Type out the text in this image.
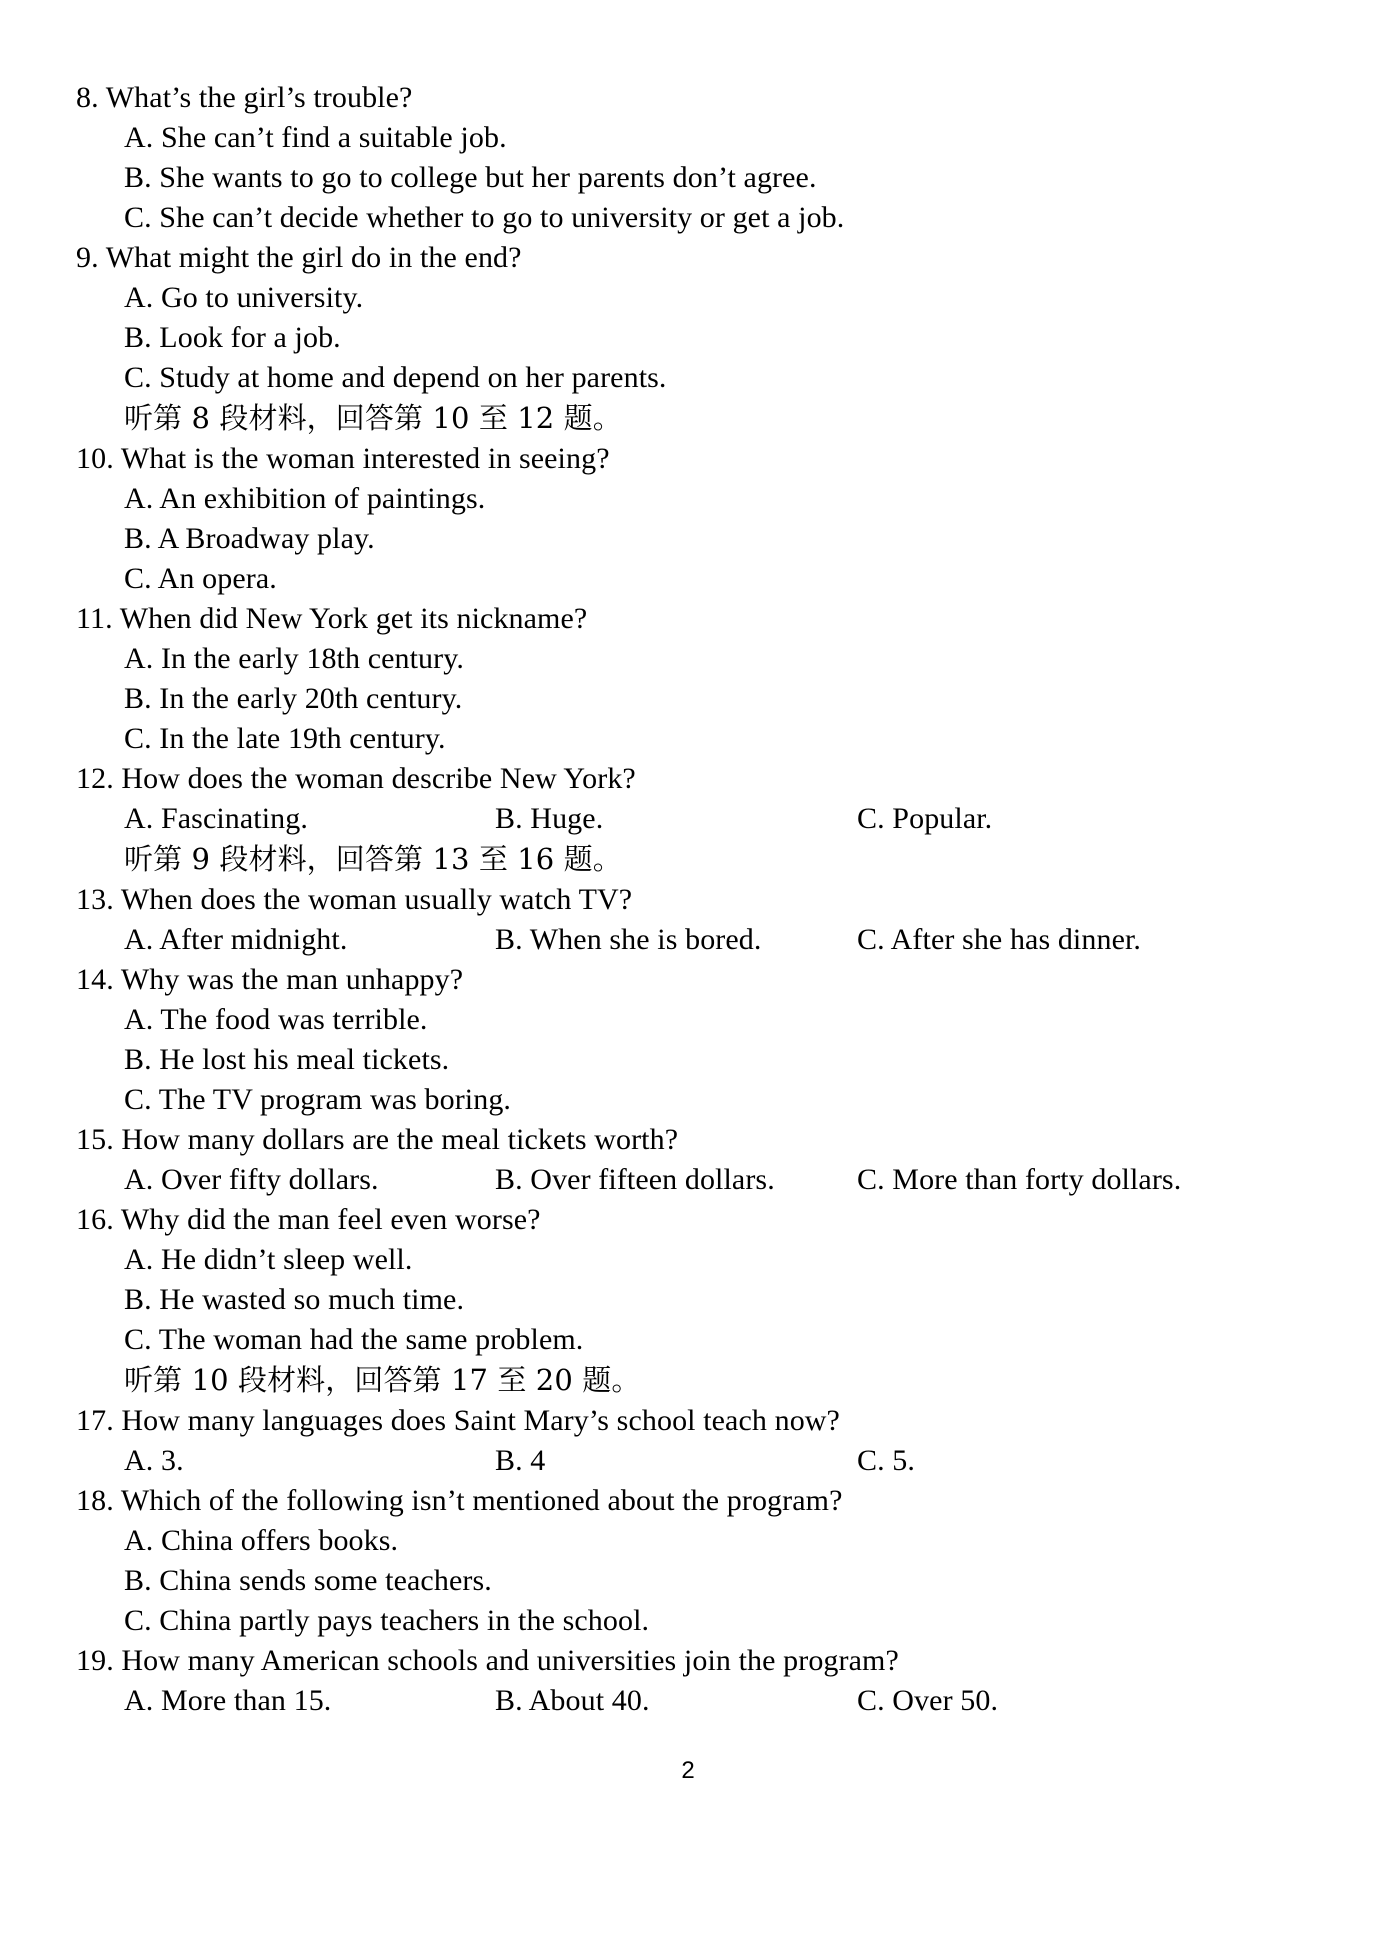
8. What’s the girl’s trouble?
A. She can’t find a suitable job.
B. She wants to go to college but her parents don’t agree.
C. She can’t decide whether to go to university or get a job.
9. What might the girl do in the end?
A. Go to university.
B. Look for a job.
C. Study at home and depend on her parents.
听第 8 段材料，回答第 10 至 12 题。
10. What is the woman interested in seeing?
A. An exhibition of paintings.
B. A Broadway play.
C. An opera.
11. When did New York get its nickname?
A. In the early 18th century.
B. In the early 20th century.
C. In the late 19th century.
12. How does the woman describe New York?
A. Fascinating.	B. Huge.	C. Popular.
听第 9 段材料，回答第 13 至 16 题。
13. When does the woman usually watch TV?
A. After midnight.	B. When she is bored.	C. After she has dinner.
14. Why was the man unhappy?
A. The food was terrible.
B. He lost his meal tickets.
C. The TV program was boring.
15. How many dollars are the meal tickets worth?
A. Over fifty dollars.	B. Over fifteen dollars.	C. More than forty dollars.
16. Why did the man feel even worse?
A. He didn’t sleep well.
B. He wasted so much time.
C. The woman had the same problem.
听第 10 段材料，回答第 17 至 20 题。
17. How many languages does Saint Mary’s school teach now?
A. 3.	B. 4	C. 5.
18. Which of the following isn’t mentioned about the program?
A. China offers books.
B. China sends some teachers.
C. China partly pays teachers in the school.
19. How many American schools and universities join the program?
A. More than 15.	B. About 40.	C. Over 50.
2
